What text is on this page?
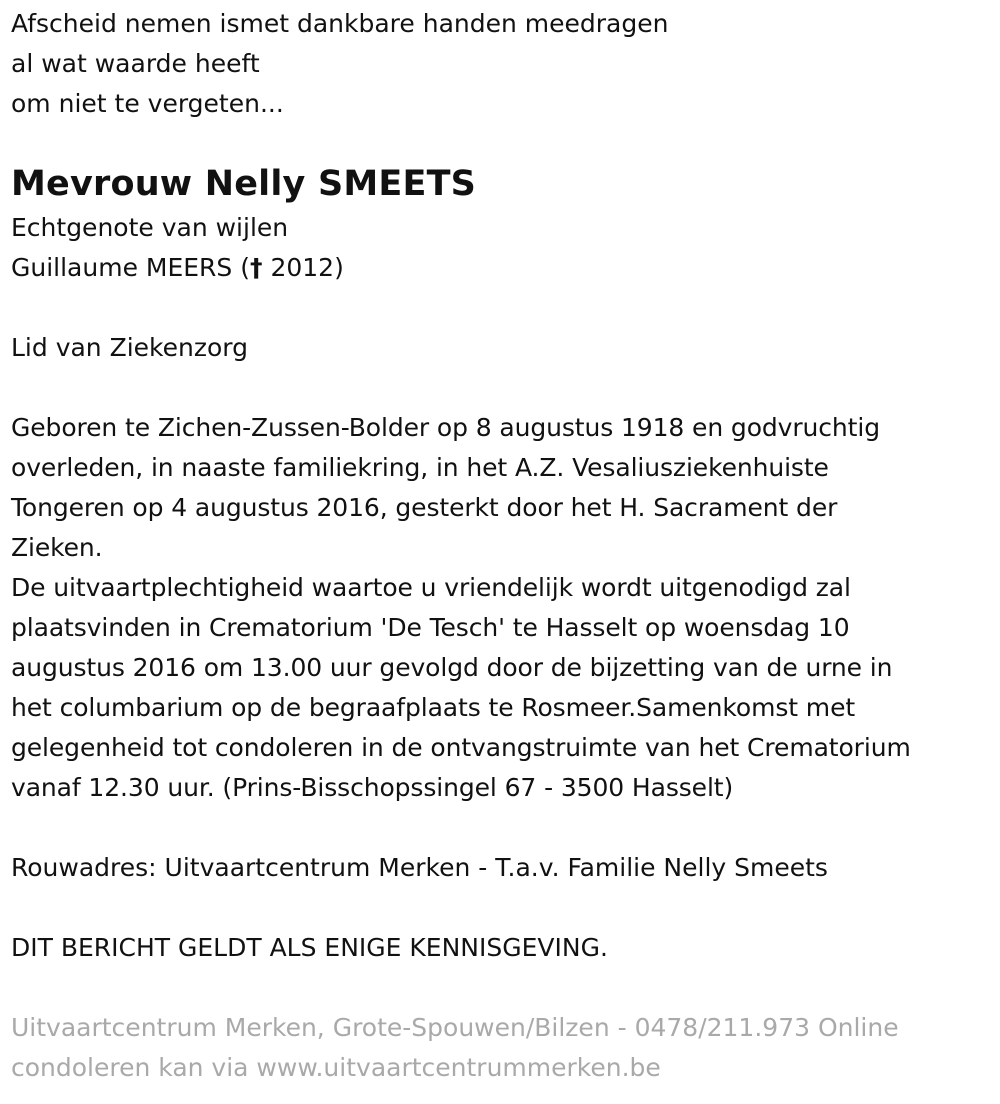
Afscheid nemen ismet dankbare handen meedragen

al wat waarde heeft

om niet te vergeten...

Mevrouw Nelly SMEETS

Echtgenote van wijlen

Guillaume MEERS († 2012)

Lid van Ziekenzorg

Geboren te Zichen-Zussen-Bolder op 8 augustus 1918 en godvruchtig

overleden, in naaste familiekring, in het A.Z. Vesaliusziekenhuiste

Tongeren op 4 augustus 2016, gesterkt door het H. Sacrament der

Zieken.

De uitvaartplechtigheid waartoe u vriendelijk wordt uitgenodigd zal

plaatsvinden in Crematorium 'De Tesch' te Hasselt op woensdag 10

augustus 2016 om 13.00 uur gevolgd door de bijzetting van de urne in

het columbarium op de begraafplaats te Rosmeer.Samenkomst met

gelegenheid tot condoleren in de ontvangstruimte van het Crematorium

vanaf 12.30 uur. (Prins-Bisschopssingel 67 - 3500 Hasselt)

Rouwadres: Uitvaartcentrum Merken - T.a.v. Familie Nelly Smeets

DIT BERICHT GELDT ALS ENIGE KENNISGEVING.

Uitvaartcentrum Merken, Grote-Spouwen/Bilzen - 0478/211.973 Online

condoleren kan via www.uitvaartcentrummerken.be
